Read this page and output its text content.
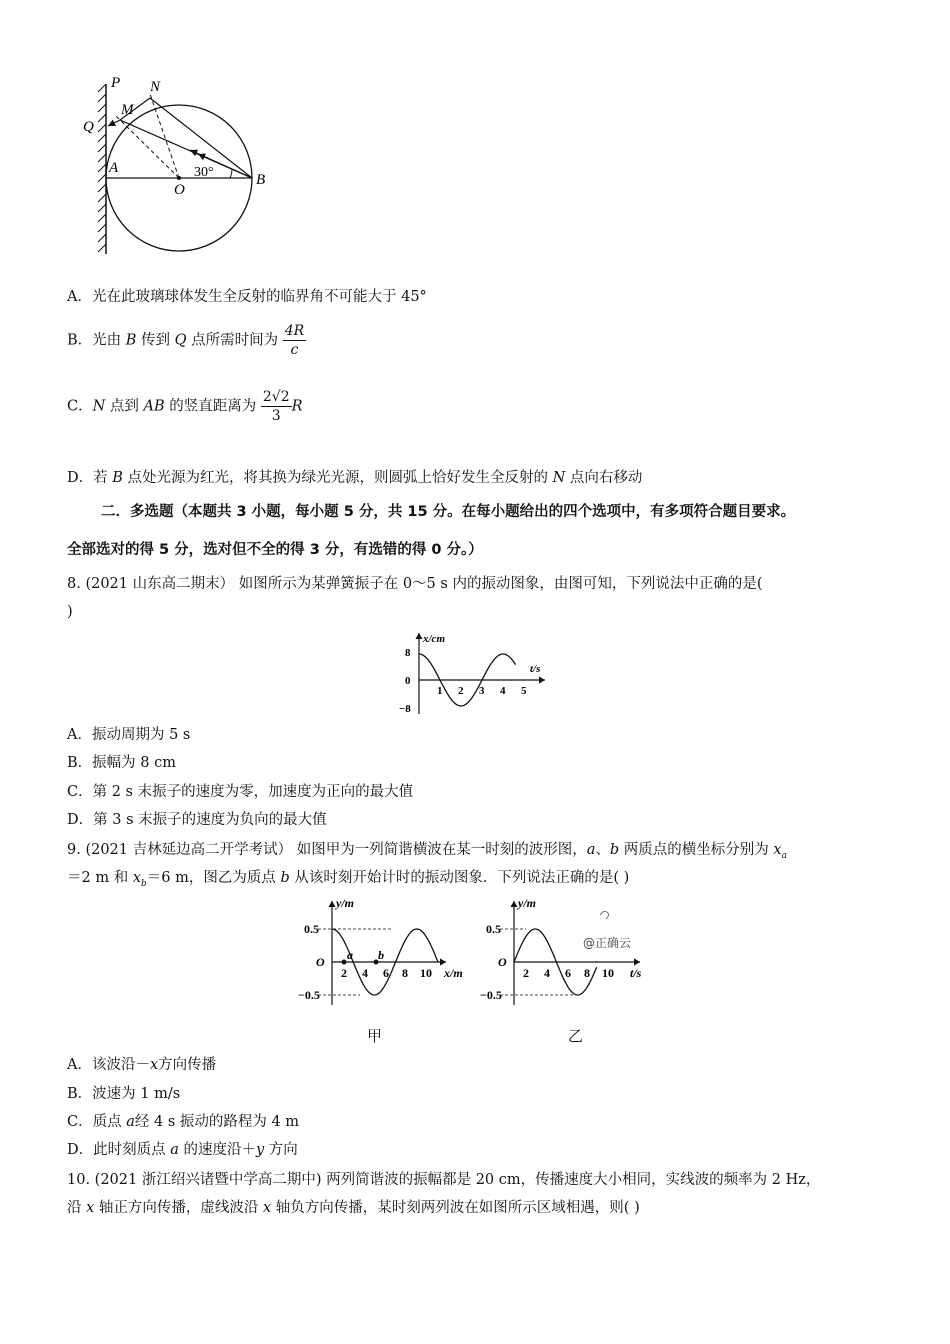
P N
M
Q
A
O
B
30°
A．光在此玻璃球体发生全反射的临界角不可能大于 45°
B．光由 B 传到 Q 点所需时间为 $\frac{4R}{c}$
C．N 点到 AB 的竖直距离为 $\frac{2√2}{3}$ R
D．若 B 点处光源为红光，将其换为绿光光源，则圆弧上恰好发生全反射的 N 点向右移动
二．多选题（本题共 3 小题，每小题 5 分，共 15 分。在每小题给出的四个选项中，有多项符合题目要求。
全部选对的得 5 分，选对但不全的得 3 分，有选错的得 0 分。）
8. (2021 山东高二期末） 如图所示为某弹簧振子在 0～5 s 内的振动图象，由图可知，下列说法中正确的是(
)
x/cm
t/s
8
0
−8
1 2 3 4 5
A．振动周期为 5 s
B．振幅为 8 cm
C．第 2 s 末振子的速度为零，加速度为正向的最大值
D．第 3 s 末振子的速度为负向的最大值
9. (2021 吉林延边高二开学考试） 如图甲为一列简谐横波在某一时刻的波形图，a、b 两质点的横坐标分别为 $x_a$
＝2 m 和 $x_b=6$ m，图乙为质点 b 从该时刻开始计时的振动图象．下列说法正确的是( )
y/m
x/m
0.5
O
−0.5
2 4 6 8 10
a b
甲
y/m
t/s
0.5
O
−0.5
2 4 6 8 10
@正确云
乙
A．该波沿－x方向传播
B．波速为 1 m/s
C．质点 a经 4 s 振动的路程为 4 m
D．此时刻质点 a 的速度沿＋y 方向
10. (2021 浙江绍兴诸暨中学高二期中) 两列简谐波的振幅都是 20 cm，传播速度大小相同，实线波的频率为 2 Hz，
沿 x 轴正方向传播，虚线波沿 x 轴负方向传播，某时刻两列波在如图所示区域相遇，则( )
